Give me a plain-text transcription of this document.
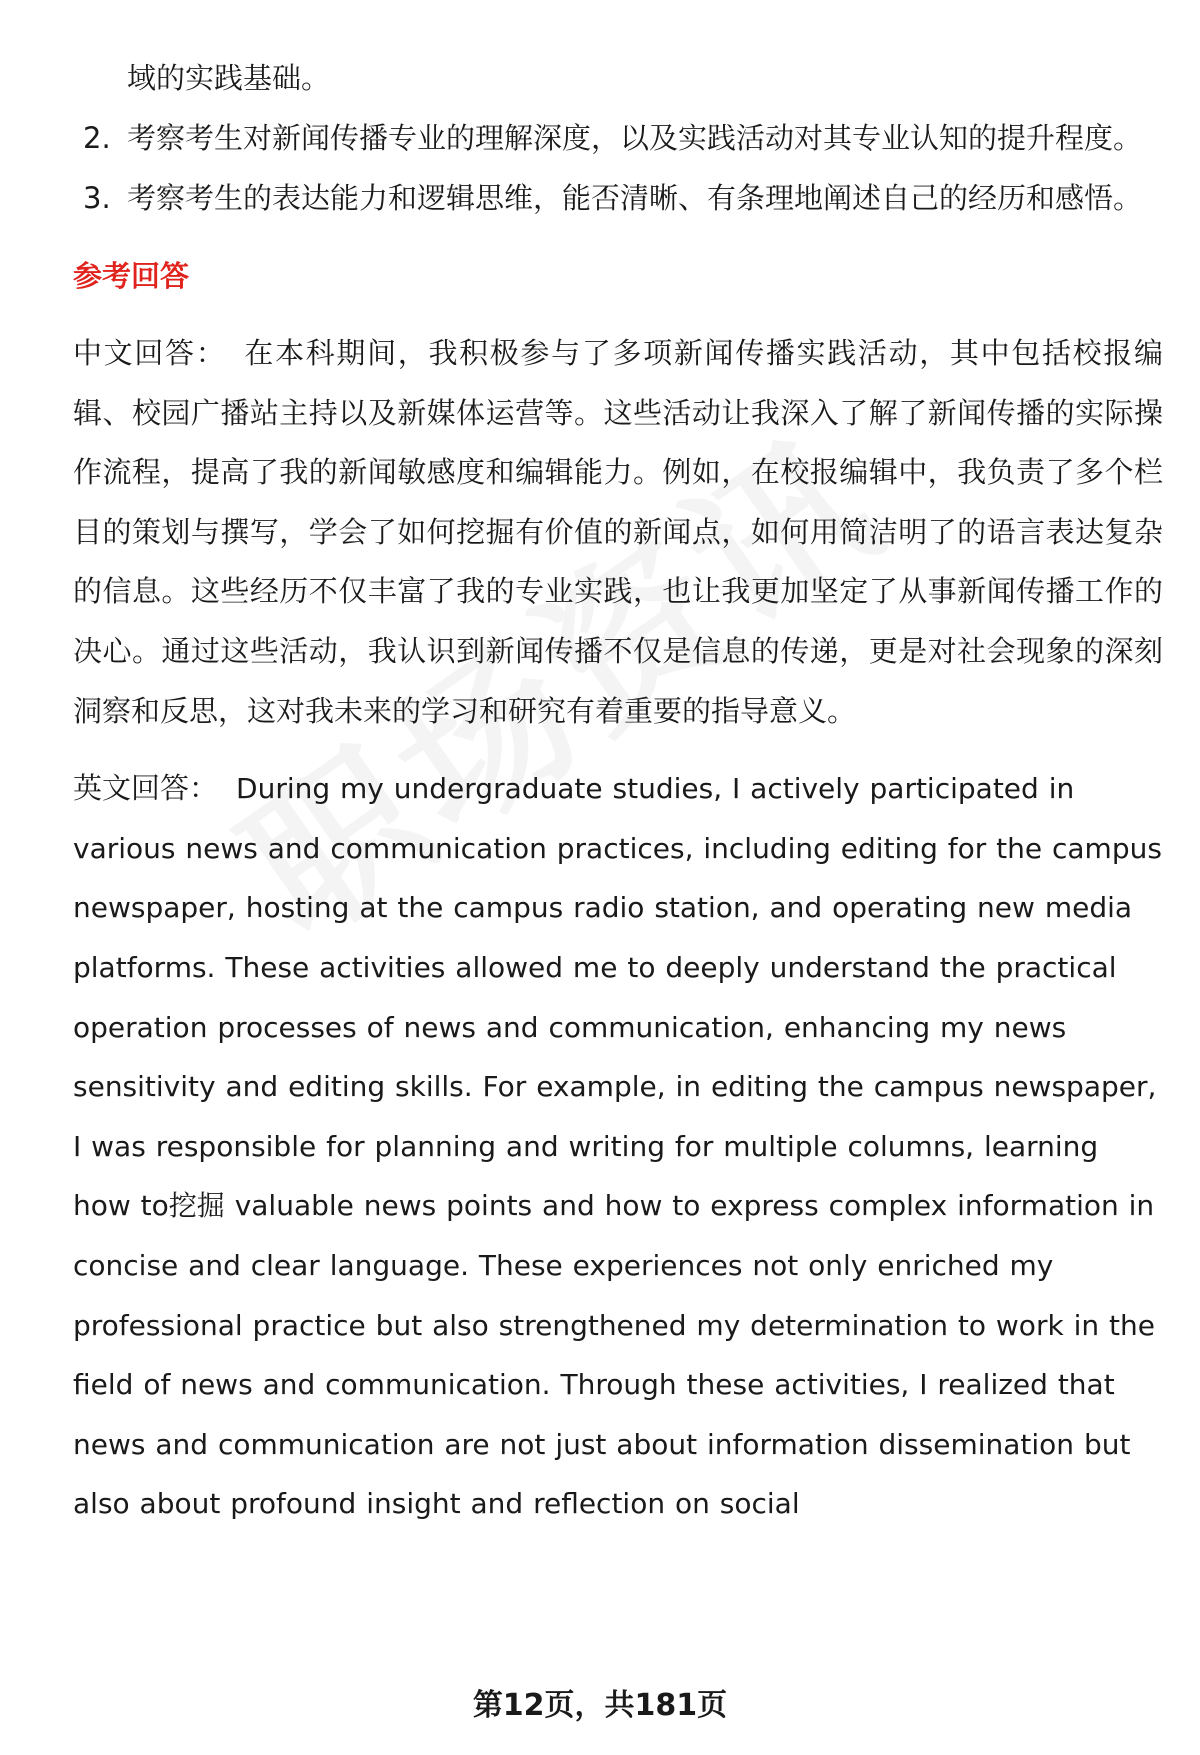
域的实践基础。

2. 考察考生对新闻传播专业的理解深度，以及实践活动对其专业认知的提升程度。
3. 考察考生的表达能力和逻辑思维，能否清晰、有条理地阐述自己的经历和感悟。
参考回答

中文回答： 在本科期间，我积极参与了多项新闻传播实践活动，其中包括校报编辑、校园广播站主持以及新媒体运营等。这些活动让我深入了解了新闻传播的实际操作流程，提高了我的新闻敏感度和编辑能力。例如，在校报编辑中，我负责了多个栏目的策划与撰写，学会了如何挖掘有价值的新闻点，如何用简洁明了的语言表达复杂的信息。这些经历不仅丰富了我的专业实践，也让我更加坚定了从事新闻传播工作的决心。通过这些活动，我认识到新闻传播不仅是信息的传递，更是对社会现象的深刻洞察和反思，这对我未来的学习和研究有着重要的指导意义。

英文回答： During my undergraduate studies, I actively participated in various news and communication practices, including editing for the campus newspaper, hosting at the campus radio station, and operating new media platforms. These activities allowed me to deeply understand the practical operation processes of news and communication, enhancing my news sensitivity and editing skills. For example, in editing the campus newspaper, I was responsible for planning and writing for multiple columns, learning how to挖掘 valuable news points and how to express complex information in concise and clear language. These experiences not only enriched my professional practice but also strengthened my determination to work in the field of news and communication. Through these activities, I realized that news and communication are not just about information dissemination but also about profound insight and reflection on social

第12页，共181页
